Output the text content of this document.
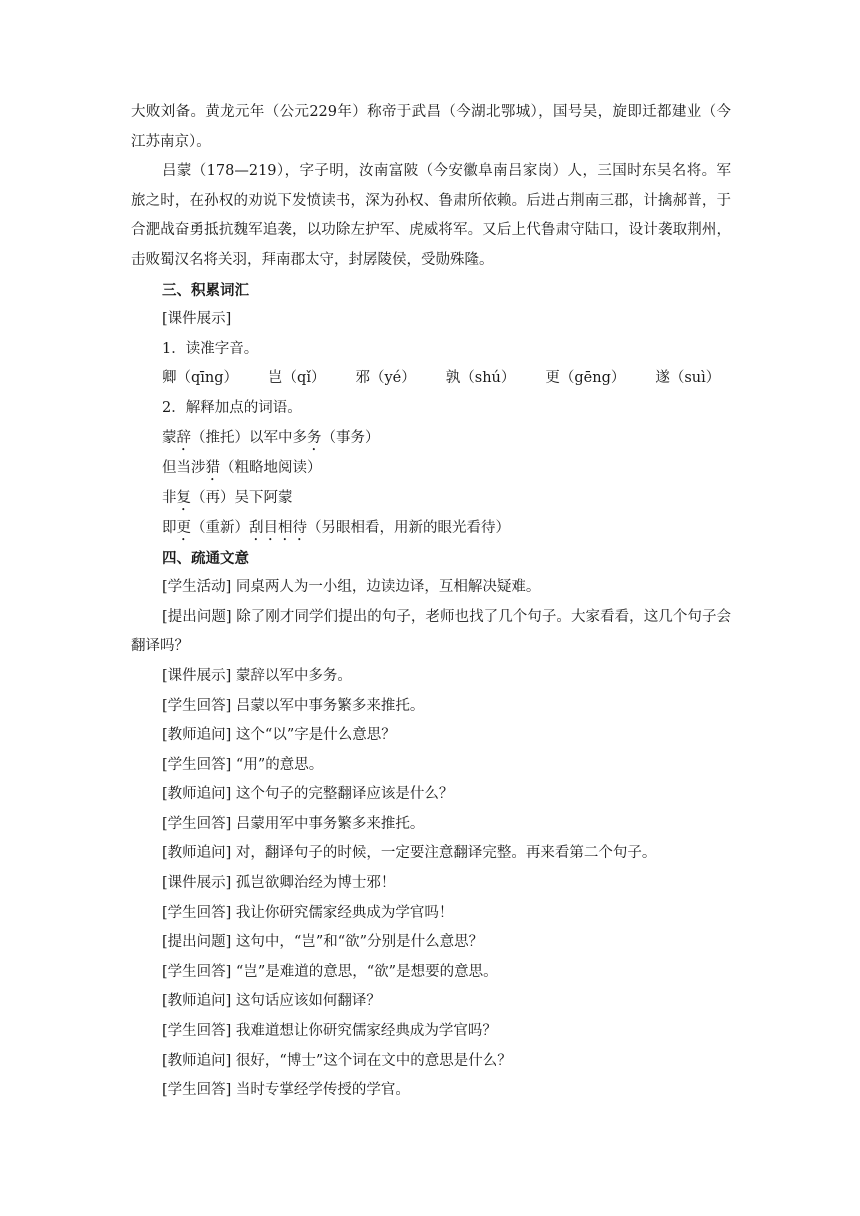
大败刘备。黄龙元年（公元229年）称帝于武昌（今湖北鄂城），国号吴，旋即迁都建业（今江苏南京）。

吕蒙（178—219），字子明，汝南富陂（今安徽阜南吕家岗）人，三国时东吴名将。军旅之时，在孙权的劝说下发愤读书，深为孙权、鲁肃所依赖。后进占荆南三郡，计擒郝普，于合淝战奋勇抵抗魏军追袭，以功除左护军、虎威将军。又后上代鲁肃守陆口，设计袭取荆州，击败蜀汉名将关羽，拜南郡太守，封孱陵侯，受勋殊隆。

三、积累词汇

[课件展示]

1．读准字音。

卿（qīng） 岂（qǐ） 邪（yé） 孰（shú） 更（gēng） 遂（suì）

2．解释加点的词语。

蒙辞（推托）以军中多务（事务）

但当涉猎（粗略地阅读）

非复（再）吴下阿蒙

即更（重新）刮目相待（另眼相看，用新的眼光看待）

四、疏通文意

[学生活动] 同桌两人为一小组，边读边译，互相解决疑难。

[提出问题] 除了刚才同学们提出的句子，老师也找了几个句子。大家看看，这几个句子会翻译吗？

[课件展示] 蒙辞以军中多务。

[学生回答] 吕蒙以军中事务繁多来推托。

[教师追问] 这个“以”字是什么意思？

[学生回答] “用”的意思。

[教师追问] 这个句子的完整翻译应该是什么？

[学生回答] 吕蒙用军中事务繁多来推托。

[教师追问] 对，翻译句子的时候，一定要注意翻译完整。再来看第二个句子。

[课件展示] 孤岂欲卿治经为博士邪！

[学生回答] 我让你研究儒家经典成为学官吗！

[提出问题] 这句中，“岂”和“欲”分别是什么意思？

[学生回答] “岂”是难道的意思，“欲”是想要的意思。

[教师追问] 这句话应该如何翻译？

[学生回答] 我难道想让你研究儒家经典成为学官吗？

[教师追问] 很好，“博士”这个词在文中的意思是什么？

[学生回答] 当时专掌经学传授的学官。
